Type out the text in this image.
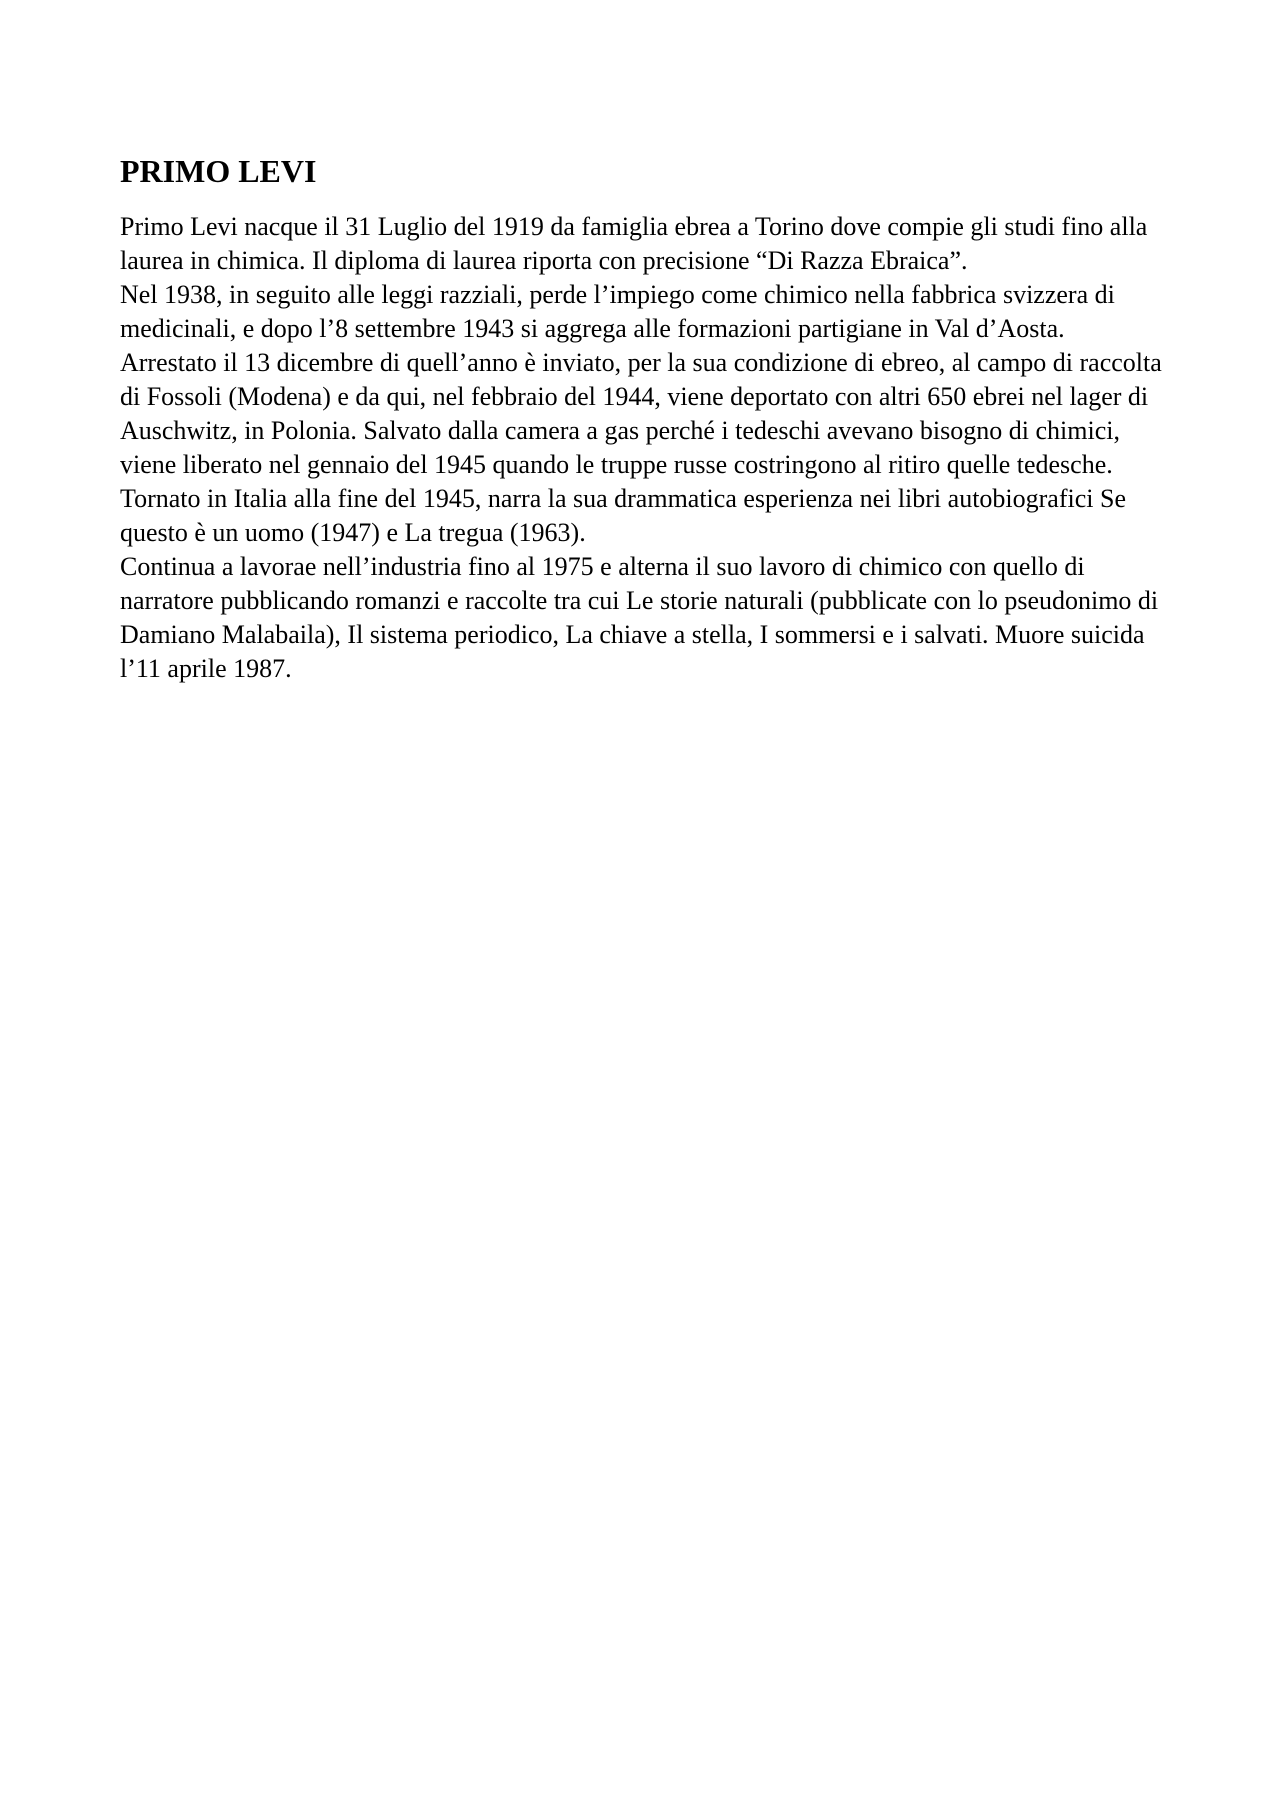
PRIMO LEVI

Primo Levi nacque il 31 Luglio del 1919 da famiglia ebrea a Torino dove compie gli studi fino alla laurea in chimica. Il diploma di laurea riporta con precisione “Di Razza Ebraica”.

Nel 1938, in seguito alle leggi razziali, perde l’impiego come chimico nella fabbrica svizzera di medicinali, e dopo l’8 settembre 1943 si aggrega alle formazioni partigiane in Val d’Aosta.

Arrestato il 13 dicembre di quell’anno è inviato, per la sua condizione di ebreo, al campo di raccolta di Fossoli (Modena) e da qui, nel febbraio del 1944, viene deportato con altri 650 ebrei nel lager di Auschwitz, in Polonia. Salvato dalla camera a gas perché i tedeschi avevano bisogno di chimici, viene liberato nel gennaio del 1945 quando le truppe russe costringono al ritiro quelle tedesche.

Tornato in Italia alla fine del 1945, narra la sua drammatica esperienza nei libri autobiografici Se questo è un uomo (1947) e La tregua (1963).

Continua a lavorae nell’industria fino al 1975 e alterna il suo lavoro di chimico con quello di narratore pubblicando romanzi e raccolte tra cui Le storie naturali (pubblicate con lo pseudonimo di Damiano Malabaila), Il sistema periodico, La chiave a stella, I sommersi e i salvati. Muore suicida l’11 aprile 1987.
